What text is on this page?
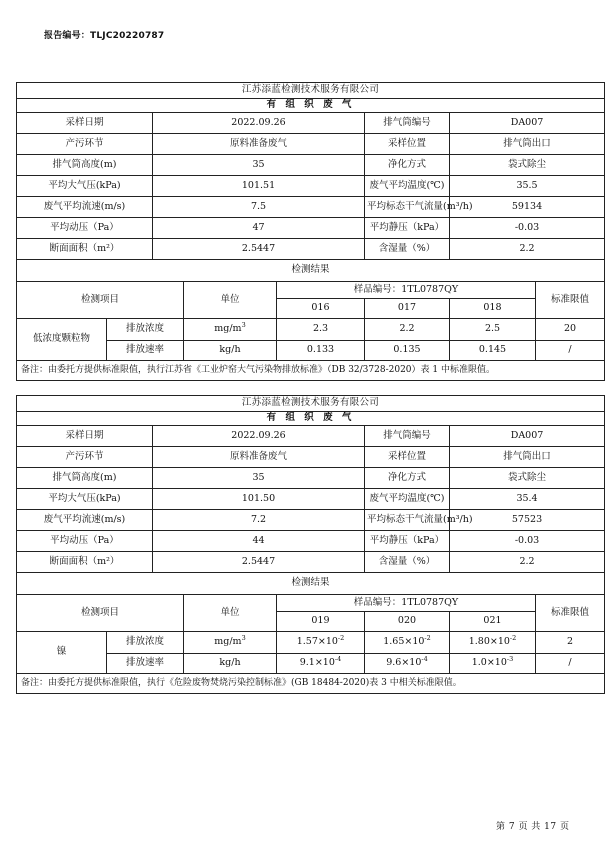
报告编号：TLJC20220787
江苏添蓝检测技术服务有限公司							
有 组 织 废 气							
采样日期		2022.09.26			排气筒编号	DA007	
产污环节		原料准备废气			采样位置	排气筒出口	
排气筒高度(m)		35			净化方式	袋式除尘	
平均大气压(kPa)		101.51			废气平均温度(℃)	35.5	
废气平均流速(m/s)		7.5			平均标态干气流量(m³/h)	59134	
平均动压（Pa）		47			平均静压（kPa）	-0.03	
断面面积（m²）		2.5447			含湿量（%）	2.2	
检测结果							
检测项目			单位	样品编号：1TL0787QY			标准限值
				016	017	018	
低浓度颗粒物	排放浓度		$mg/m^3$	2.3	2.2	2.5	20
	排放速率		kg/h	0.133	0.135	0.145	/
备注：由委托方提供标准限值，执行江苏省《工业炉窑大气污染物排放标准》（DB 32/3728-2020）表 1 中标准限值。							
江苏添蓝检测技术服务有限公司							
有 组 织 废 气							
采样日期		2022.09.26			排气筒编号	DA007	
产污环节		原料准备废气			采样位置	排气筒出口	
排气筒高度(m)		35			净化方式	袋式除尘	
平均大气压(kPa)		101.50			废气平均温度(℃)	35.4	
废气平均流速(m/s)		7.2			平均标态干气流量(m³/h)	57523	
平均动压（Pa）		44			平均静压（kPa）	-0.03	
断面面积（m²）		2.5447			含湿量（%）	2.2	
检测结果							
检测项目			单位	样品编号：1TL0787QY			标准限值
				019	020	021	
镍	排放浓度		$mg/m^3$	$1.57\times 10^{-2}$	$1.65\times 10^{-2}$	$1.80\times 10^{-2}$	2
	排放速率		kg/h	$9.1\times 10^{-4}$	$9.6\times 10^{-4}$	$1.0\times 10^{-3}$	/
备注：由委托方提供标准限值，执行《危险废物焚烧污染控制标准》(GB 18484-2020)表 3 中相关标准限值。							
第 7 页 共 17 页
